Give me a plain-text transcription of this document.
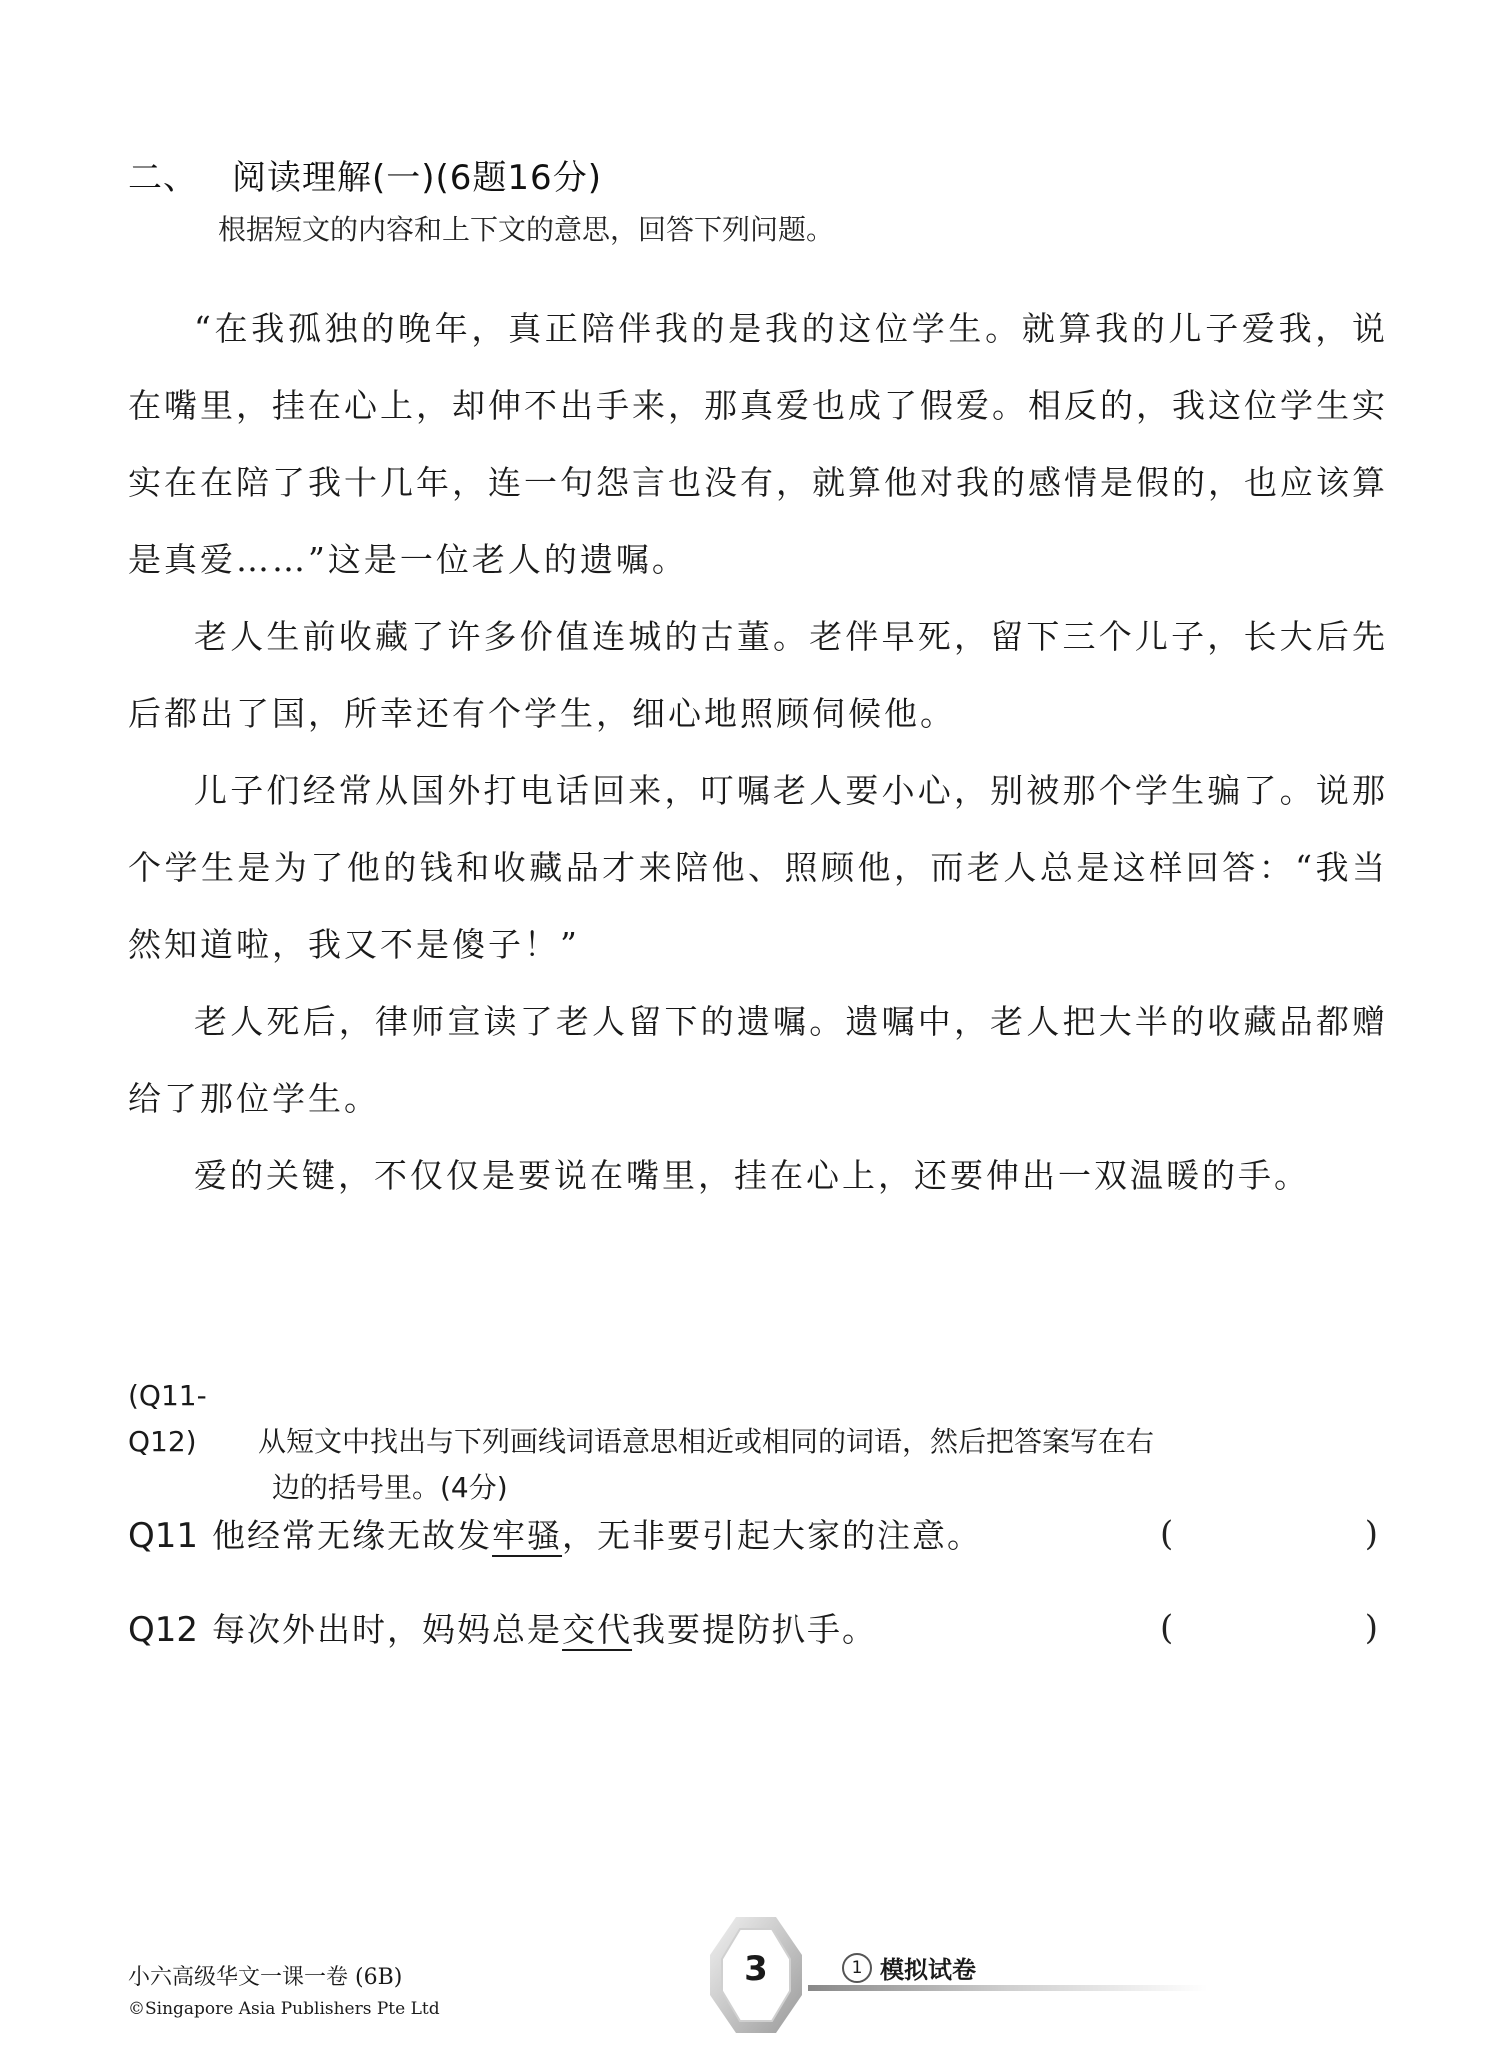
二、 阅读理解(一)(6题16分)
根据短文的内容和上下文的意思，回答下列问题。

“在我孤独的晚年，真正陪伴我的是我的这位学生。就算我的儿子爱我，说在嘴里，挂在心上，却伸不出手来，那真爱也成了假爱。相反的，我这位学生实实在在陪了我十几年，连一句怨言也没有，就算他对我的感情是假的，也应该算是真爱……”这是一位老人的遗嘱。

老人生前收藏了许多价值连城的古董。老伴早死，留下三个儿子，长大后先后都出了国，所幸还有个学生，细心地照顾伺候他。

儿子们经常从国外打电话回来，叮嘱老人要小心，别被那个学生骗了。说那个学生是为了他的钱和收藏品才来陪他、照顾他，而老人总是这样回答：“我当然知道啦，我又不是傻子！”

老人死后，律师宣读了老人留下的遗嘱。遗嘱中，老人把大半的收藏品都赠给了那位学生。

爱的关键，不仅仅是要说在嘴里，挂在心上，还要伸出一双温暖的手。

(Q11-Q12) 从短文中找出与下列画线词语意思相近或相同的词语，然后把答案写在右
边的括号里。(4分)
Q11 他经常无缘无故发牢骚，无非要引起大家的注意。	(	)
Q12 每次外出时，妈妈总是交代我要提防扒手。	(	)
小六高级华文一课一卷 (6B)
©Singapore Asia Publishers Pte Ltd
3	1 模拟试卷
